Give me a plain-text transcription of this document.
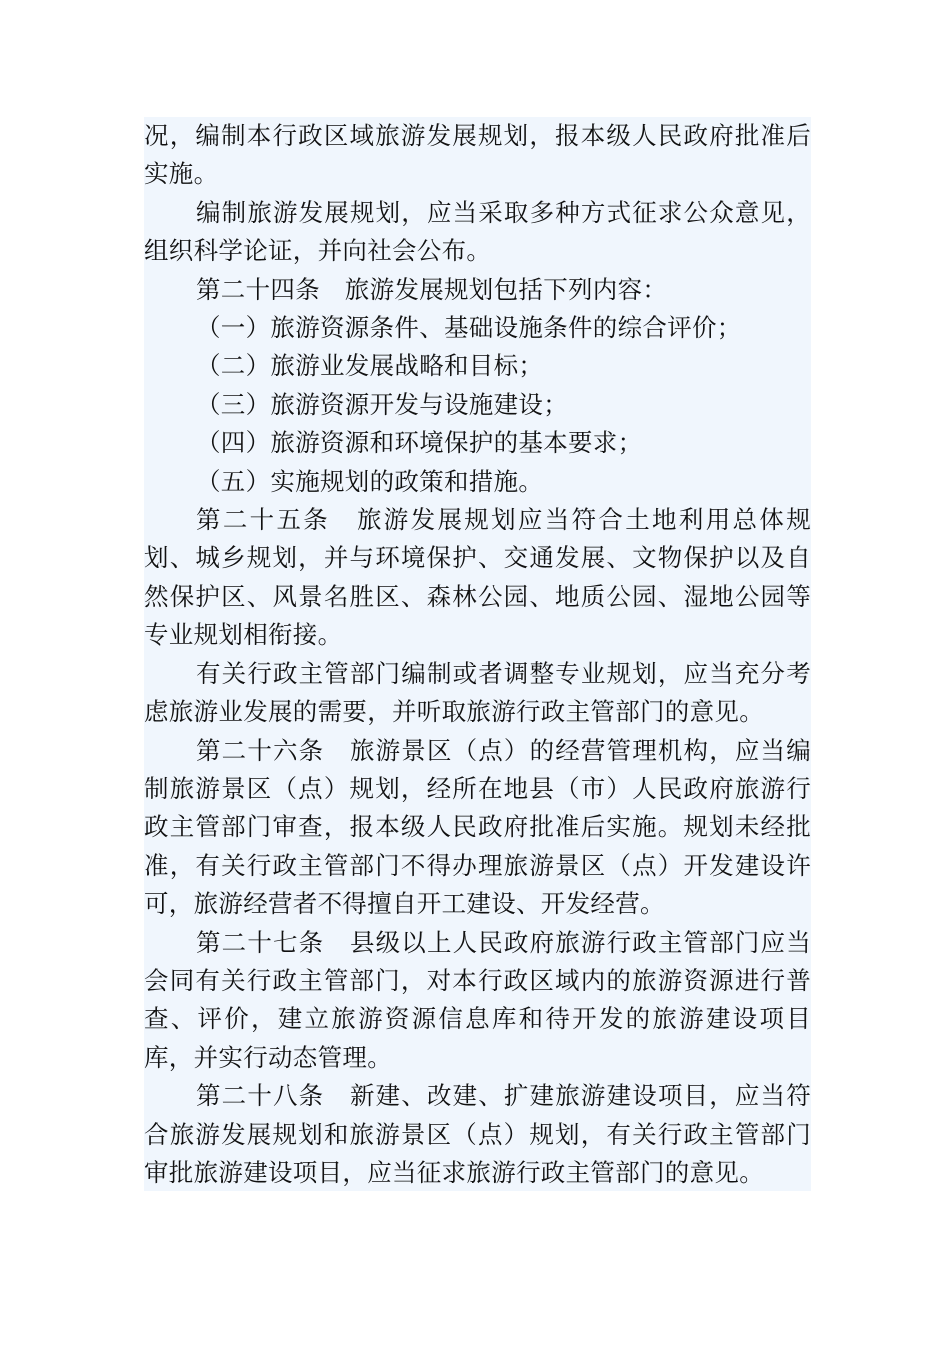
况，编制本行政区域旅游发展规划，报本级人民政府批准后实施。

编制旅游发展规划，应当采取多种方式征求公众意见，组织科学论证，并向社会公布。

第二十四条　旅游发展规划包括下列内容：

（一）旅游资源条件、基础设施条件的综合评价；

（二）旅游业发展战略和目标；

（三）旅游资源开发与设施建设；

（四）旅游资源和环境保护的基本要求；

（五）实施规划的政策和措施。

第二十五条　旅游发展规划应当符合土地利用总体规划、城乡规划，并与环境保护、交通发展、文物保护以及自然保护区、风景名胜区、森林公园、地质公园、湿地公园等专业规划相衔接。

有关行政主管部门编制或者调整专业规划，应当充分考虑旅游业发展的需要，并听取旅游行政主管部门的意见。

第二十六条　旅游景区（点）的经营管理机构，应当编制旅游景区（点）规划，经所在地县（市）人民政府旅游行政主管部门审查，报本级人民政府批准后实施。规划未经批准，有关行政主管部门不得办理旅游景区（点）开发建设许可，旅游经营者不得擅自开工建设、开发经营。

第二十七条　县级以上人民政府旅游行政主管部门应当会同有关行政主管部门，对本行政区域内的旅游资源进行普查、评价，建立旅游资源信息库和待开发的旅游建设项目库，并实行动态管理。

第二十八条　新建、改建、扩建旅游建设项目，应当符合旅游发展规划和旅游景区（点）规划，有关行政主管部门审批旅游建设项目，应当征求旅游行政主管部门的意见。
